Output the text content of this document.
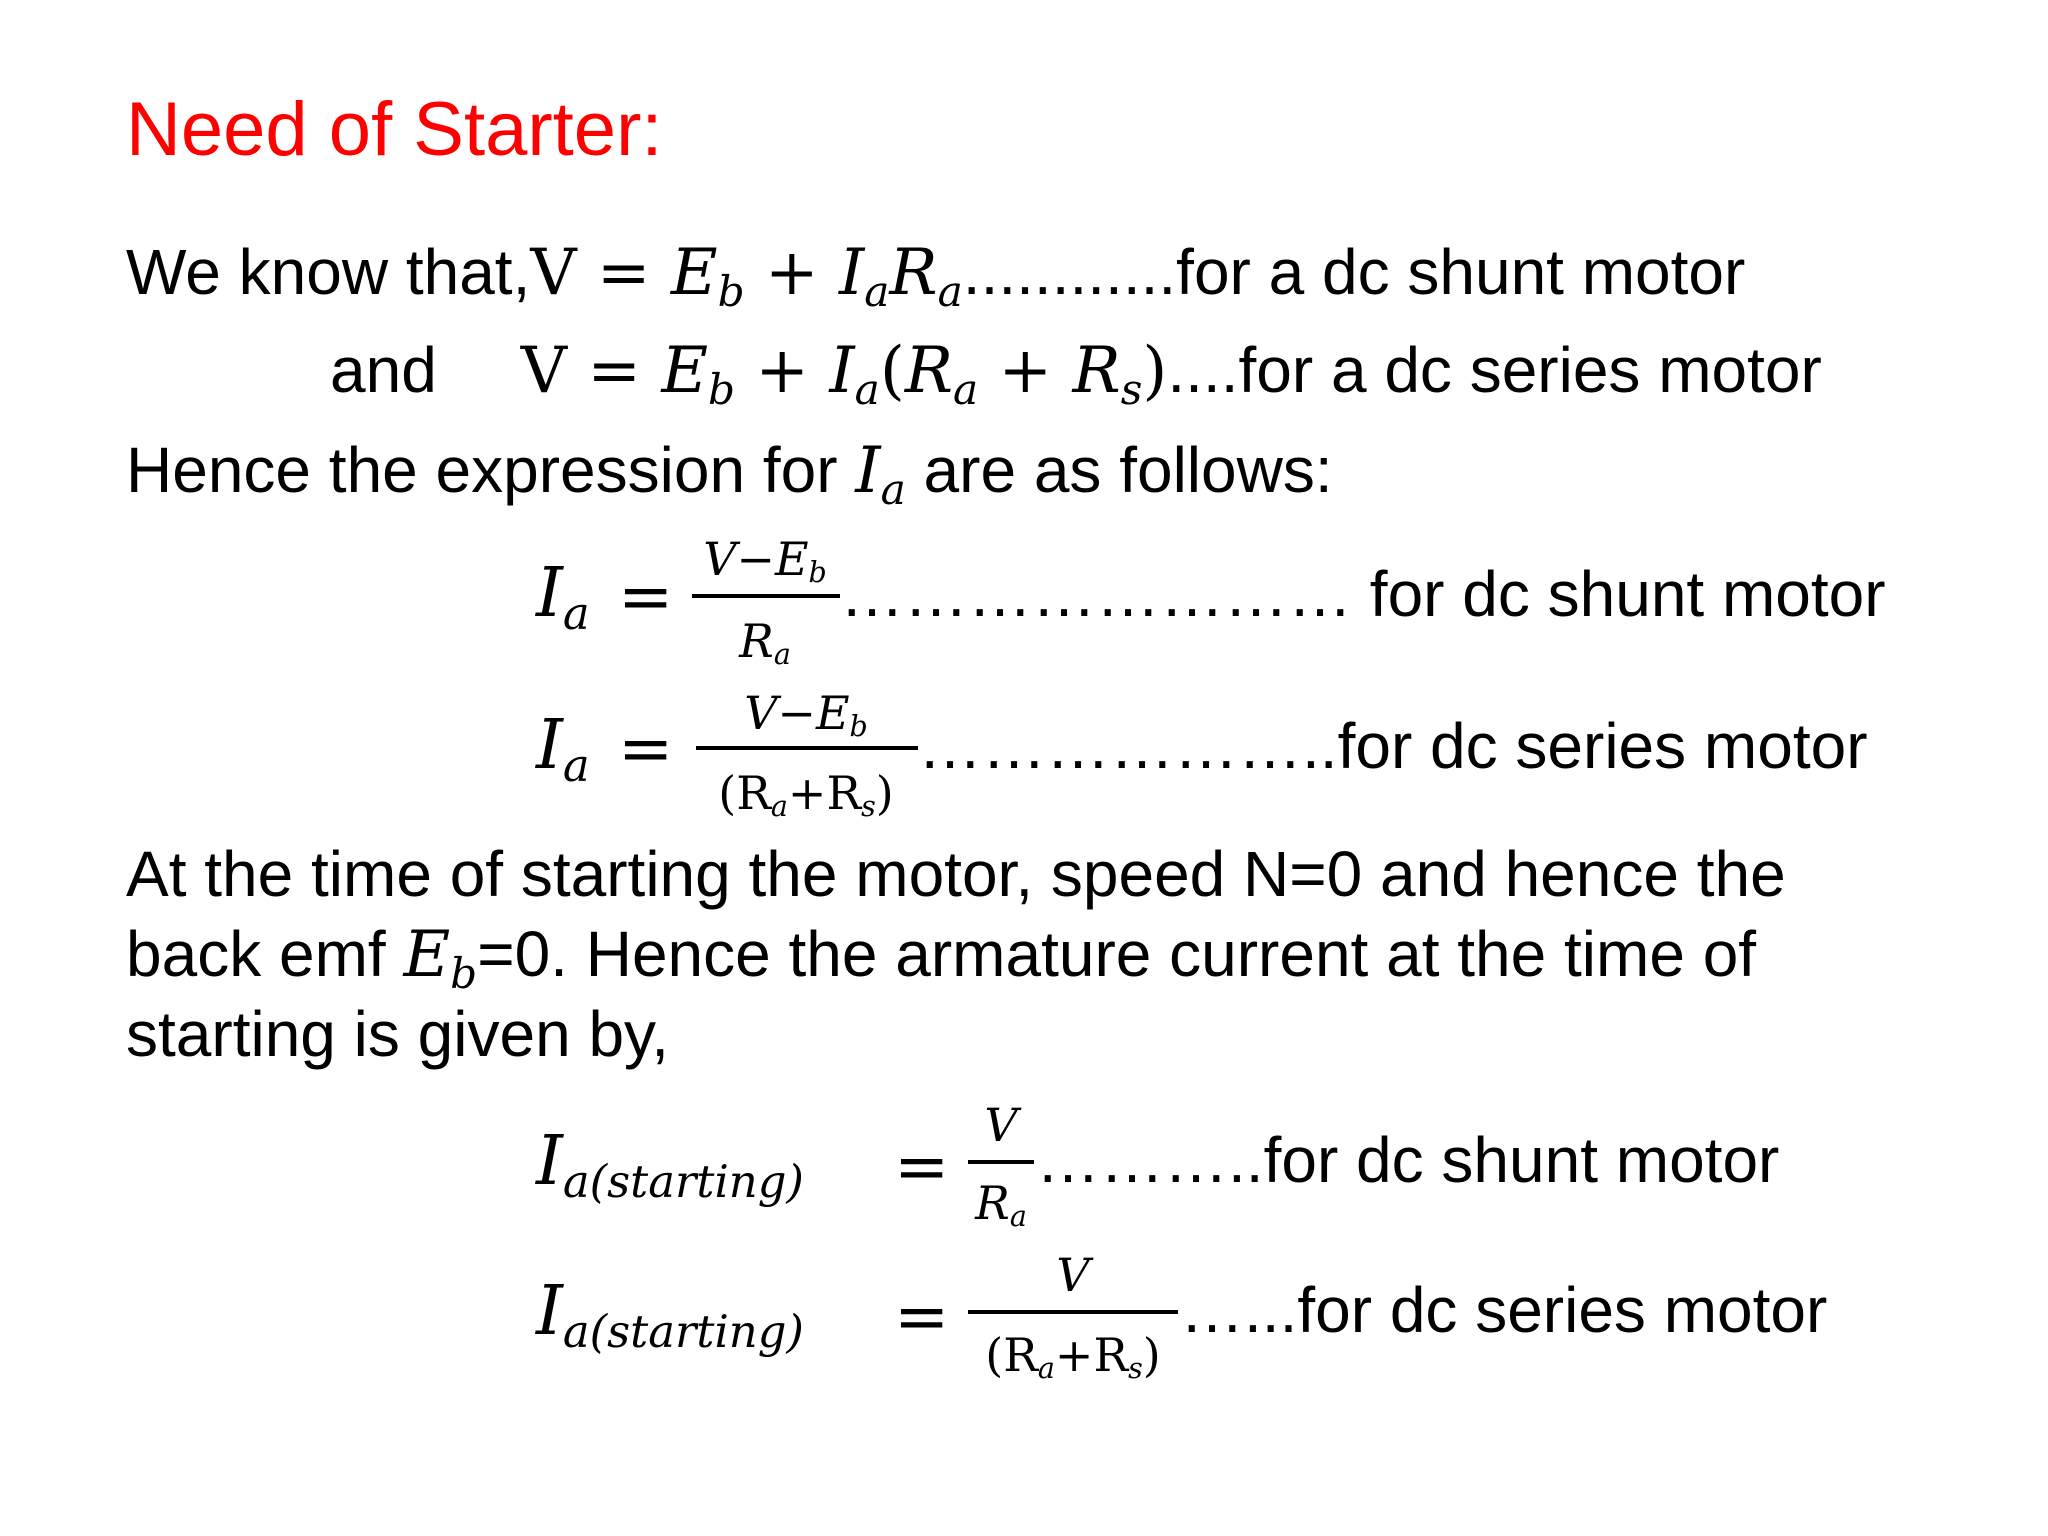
Need of Starter:
We know that,V = Eb + IaRa............for a dc shunt motor
and V = Eb + Ia(Ra + Rs)....for a dc series motor
Hence the expression for Ia are as follows:
Ia = V−Eb
Ra
…………………… for dc shunt motor
Ia =	V−Eb
(Ra+Rs)
………………..for dc series motor
At the time of starting the motor, speed N=0 and hence the
back emf Eb=0. Hence the armature current at the time of
starting is given by,
Ia(starting) =
V
Ra
………..for dc shunt motor
Ia(starting) =
V
(Ra+Rs)
…...for dc series motor
